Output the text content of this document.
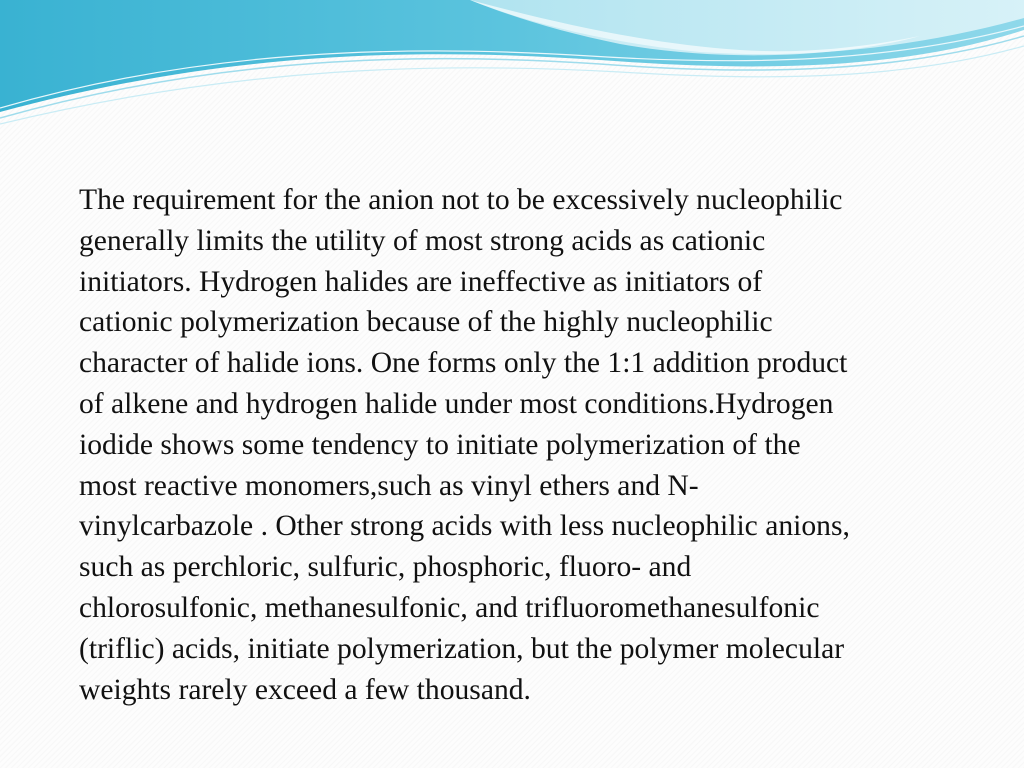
The requirement for the anion not to be excessively nucleophilic
generally limits the utility of most strong acids as cationic
initiators. Hydrogen halides are ineffective as initiators of
cationic polymerization because of the highly nucleophilic
character of halide ions. One forms only the 1:1 addition product
of alkene and hydrogen halide under most conditions.Hydrogen
iodide shows some tendency to initiate polymerization of the
most reactive monomers,such as vinyl ethers and N-
vinylcarbazole . Other strong acids with less nucleophilic anions,
such as perchloric, sulfuric, phosphoric, fluoro- and
chlorosulfonic, methanesulfonic, and trifluoromethanesulfonic
(triflic) acids, initiate polymerization, but the polymer molecular
weights rarely exceed a few thousand.
